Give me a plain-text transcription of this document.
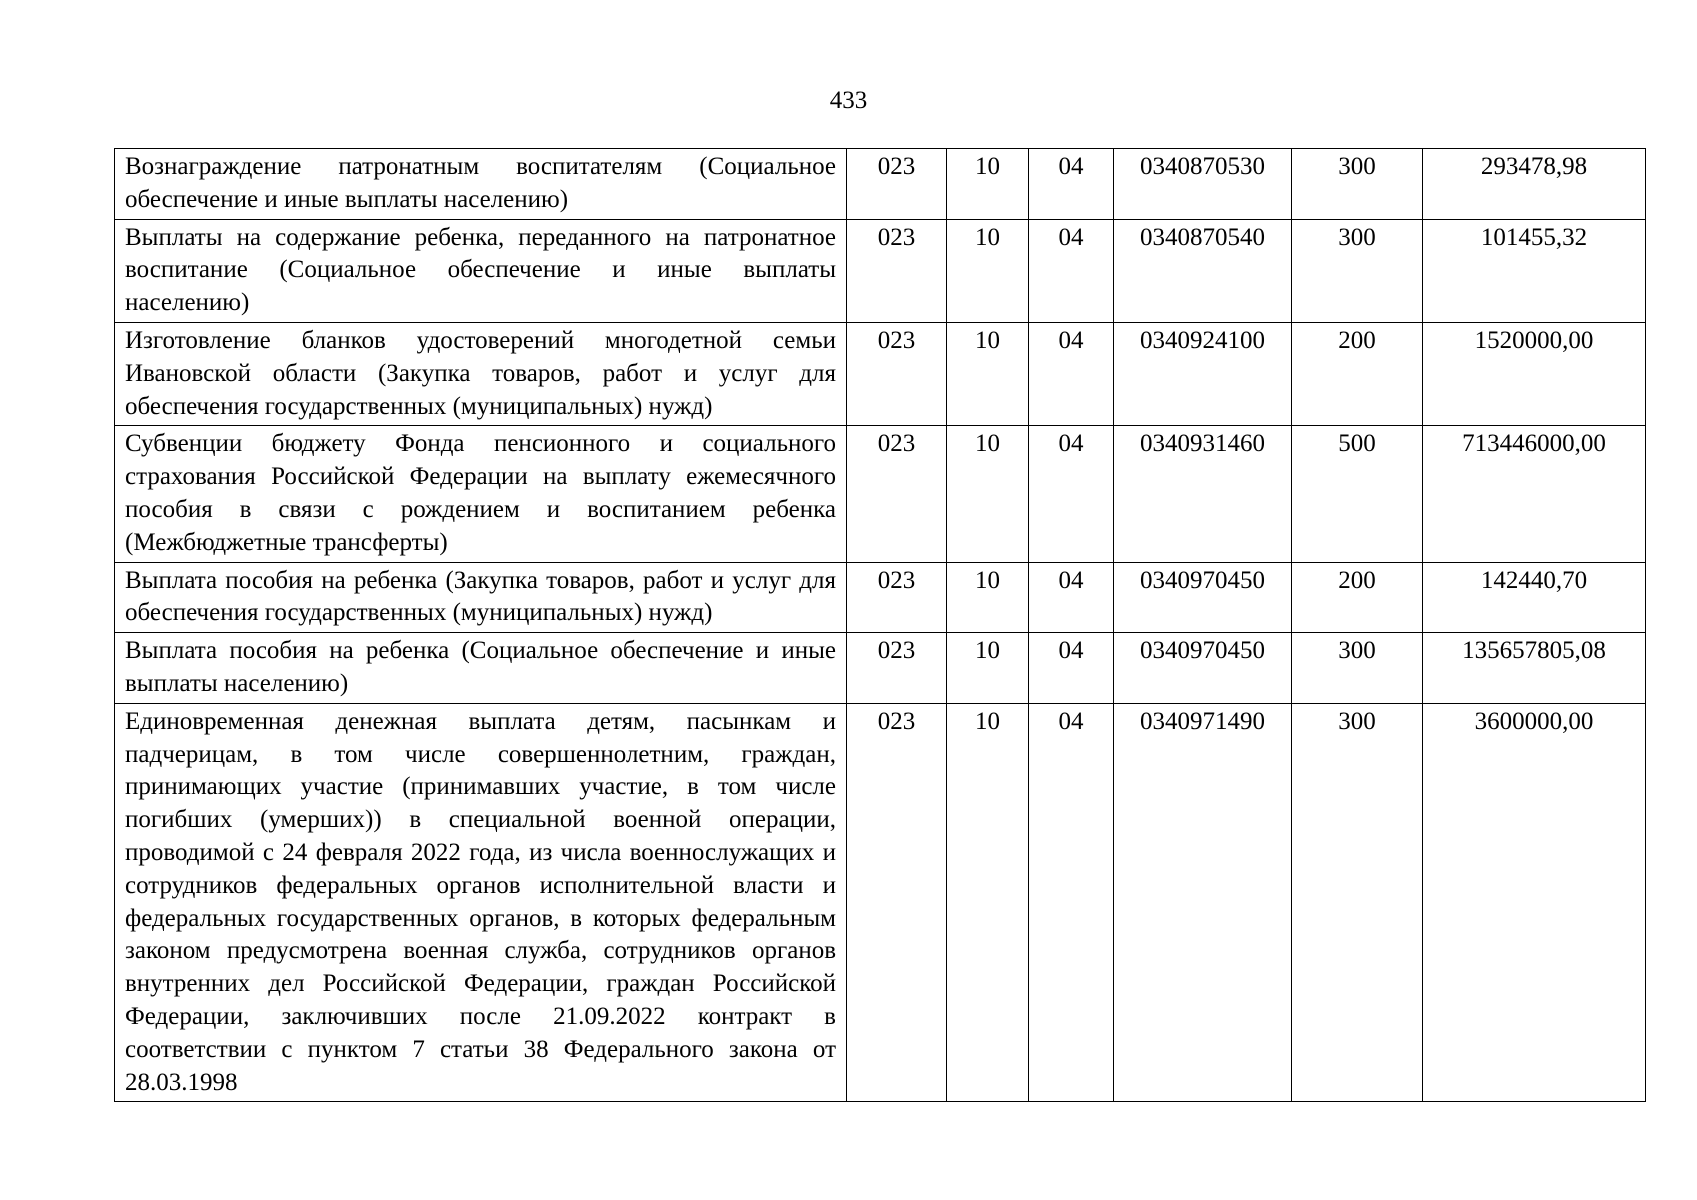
433
Вознаграждение патронатным воспитателям (Социальное обеспечение и иные выплаты населению)	023	10	04	0340870530	300	293478,98
Выплаты на содержание ребенка, переданного на патронатное воспитание (Социальное обеспечение и иные выплаты населению)	023	10	04	0340870540	300	101455,32
Изготовление бланков удостоверений многодетной семьи Ивановской области (Закупка товаров, работ и услуг для обеспечения государственных (муниципальных) нужд)	023	10	04	0340924100	200	1520000,00
Субвенции бюджету Фонда пенсионного и социального страхования Российской Федерации на выплату ежемесячного пособия в связи с рождением и воспитанием ребенка (Межбюджетные трансферты)	023	10	04	0340931460	500	713446000,00
Выплата пособия на ребенка (Закупка товаров, работ и услуг для обеспечения государственных (муниципальных) нужд)	023	10	04	0340970450	200	142440,70
Выплата пособия на ребенка (Социальное обеспечение и иные выплаты населению)	023	10	04	0340970450	300	135657805,08
Единовременная денежная выплата детям, пасынкам и падчерицам, в том числе совершеннолетним, граждан, принимающих участие (принимавших участие, в том числе погибших (умерших)) в специальной военной операции, проводимой с 24 февраля 2022 года, из числа военнослужащих и сотрудников федеральных органов исполнительной власти и федеральных государственных органов, в которых федеральным законом предусмотрена военная служба, сотрудников органов внутренних дел Российской Федерации, граждан Российской Федерации, заключивших после 21.09.2022 контракт в соответствии с пунктом 7 статьи 38 Федерального закона от 28.03.1998	023	10	04	0340971490	300	3600000,00
